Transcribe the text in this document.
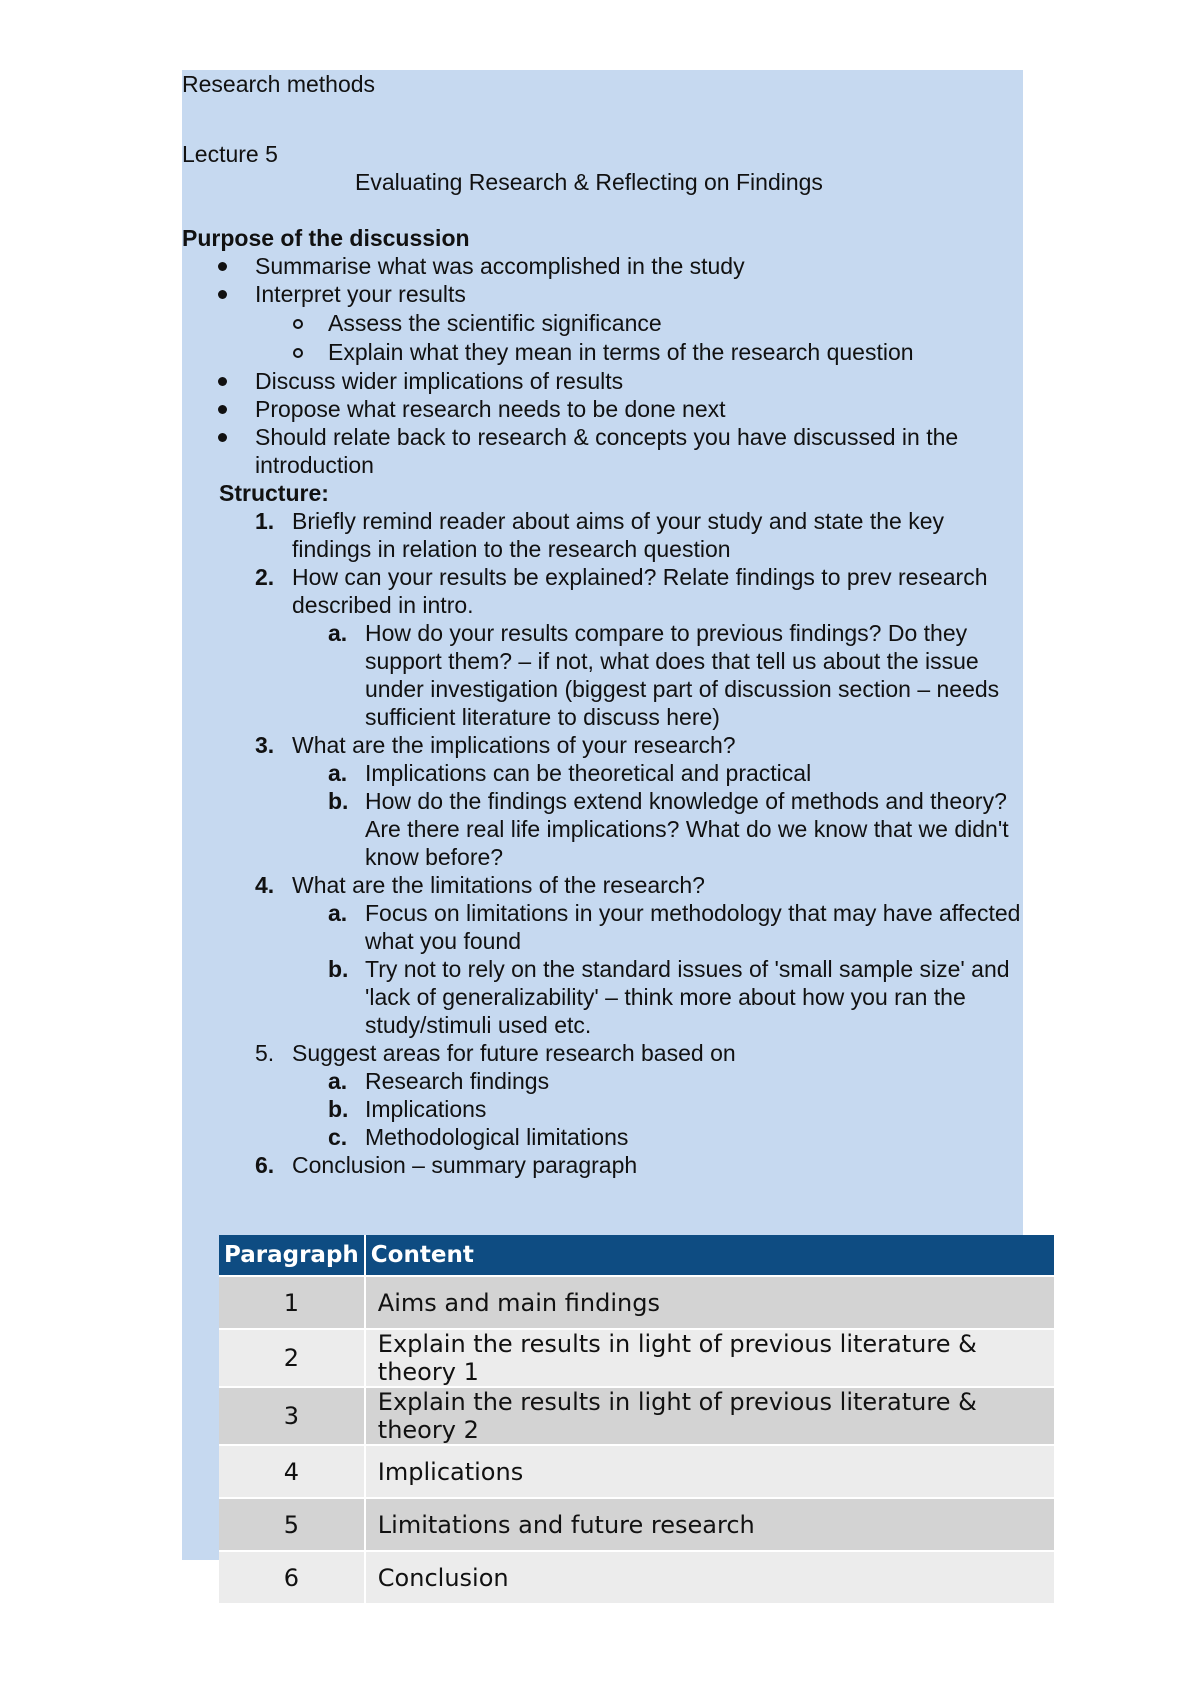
Research methods
Lecture 5
Evaluating Research & Reflecting on Findings
Purpose of the discussion
Summarise what was accomplished in the study
Interpret your results
Assess the scientific significance
Explain what they mean in terms of the research question
Discuss wider implications of results
Propose what research needs to be done next
Should relate back to research & concepts you have discussed in the introduction
Structure:
1. Briefly remind reader about aims of your study and state the key findings in relation to the research question
2. How can your results be explained? Relate findings to prev research described in intro.
a. How do your results compare to previous findings? Do they support them? – if not, what does that tell us about the issue under investigation (biggest part of discussion section – needs sufficient literature to discuss here)
3. What are the implications of your research?
a. Implications can be theoretical and practical
b. How do the findings extend knowledge of methods and theory? Are there real life implications? What do we know that we didn't know before?
4. What are the limitations of the research?
a. Focus on limitations in your methodology that may have affected what you found
b. Try not to rely on the standard issues of 'small sample size' and 'lack of generalizability' – think more about how you ran the study/stimuli used etc.
5. Suggest areas for future research based on
a. Research findings
b. Implications
c. Methodological limitations
6. Conclusion – summary paragraph
Paragraph	Content
1	Aims and main findings
2	Explain the results in light of previous literature & theory 1
3	Explain the results in light of previous literature & theory 2
4	Implications
5	Limitations and future research
6	Conclusion
